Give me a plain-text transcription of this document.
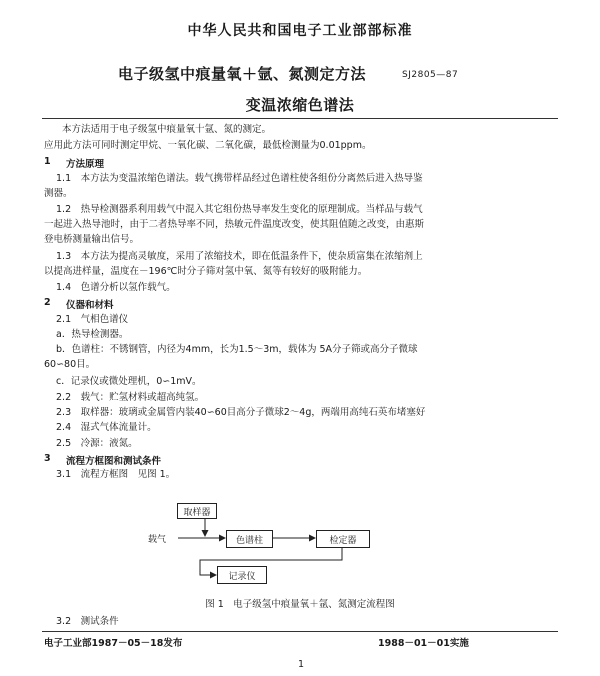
中华人民共和国电子工业部部标准
电子级氢中痕量氧＋氩、氮测定方法	SJ2805—87
变温浓缩色谱法
本方法适用于电子级氢中痕量氧十氩、氮的测定。
应用此方法可同时测定甲烷、一氧化碳、二氧化碳，最低检测量为0.01ppm。
1 方法原理
1.1　本方法为变温浓缩色谱法。载气携带样品经过色谱柱使各组份分离然后进入热导鉴
测器。
1.2　热导检测器系利用载气中混入其它组份热导率发生变化的原理制成。当样品与载气
一起进入热导池时，由于二者热导率不同，热敏元件温度改变，使其阻值随之改变，由惠斯
登电桥测量输出信号。
1.3　本方法为提高灵敏度，采用了浓缩技术，即在低温条件下，使杂质富集在浓缩剂上
以提高进样量，温度在－196℃时分子筛对氢中氧、氮等有较好的吸附能力。
1.4　色谱分析以氢作载气。
2 仪器和材料
2.1　气相色谱仪
a．热导检测器。
b．色谱柱：不锈钢管，内径为4mm，长为1.5～3m，载体为 5A分子筛或高分子微球
60∽80目。
c．记录仪或微处理机，0∽1mV。
2.2　载气：贮氢材料或超高纯氢。
2.3　取样器：玻璃或金属管内装40∽60目高分子微球2～4g，两端用高纯石英布堵塞好
2.4　湿式气体流量计。
2.5　冷源：液氮。
3 流程方框图和测试条件
3.1　流程方框图　见图 1。
取样器
载气	色谱柱	检定器
记录仪
图 1　电子级氢中痕量氧＋氩、氮测定流程图
3.2　测试条件
电子工业部1987－05－18发布	1988－01－01实施
1
